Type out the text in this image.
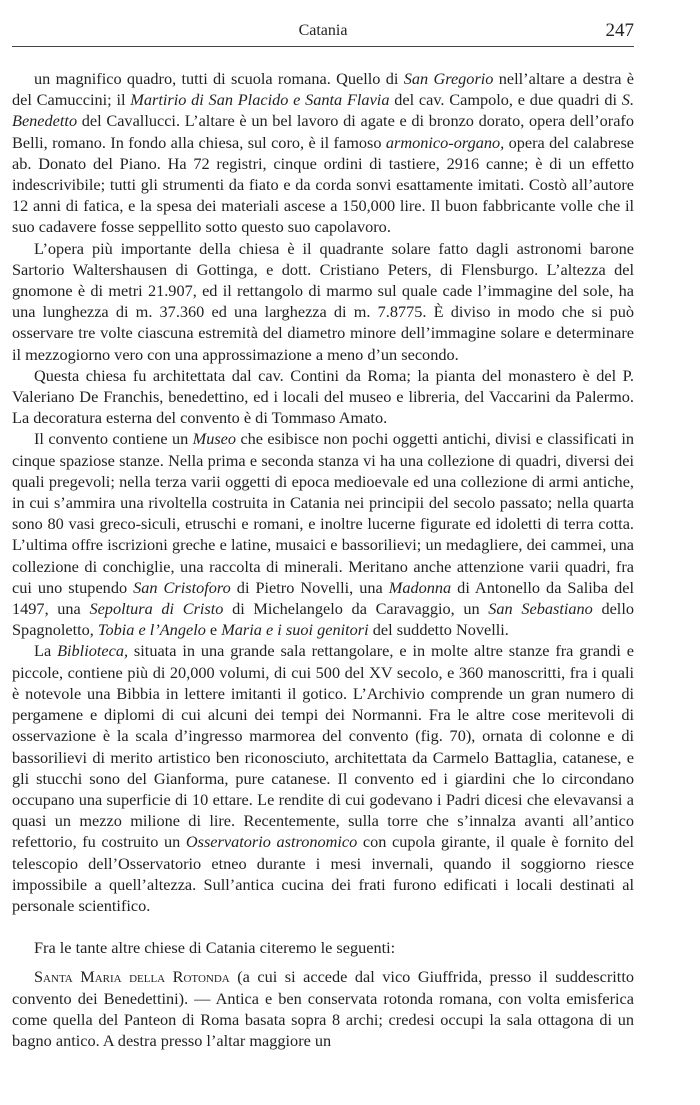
Catania	247

un magnifico quadro, tutti di scuola romana. Quello di San Gregorio nell’altare a destra è del Camuccini; il Martirio di San Placido e Santa Flavia del cav. Campolo, e due quadri di S. Benedetto del Cavallucci. L’altare è un bel lavoro di agate e di bronzo dorato, opera dell’orafo Belli, romano. In fondo alla chiesa, sul coro, è il famoso armonico-organo, opera del calabrese ab. Donato del Piano. Ha 72 registri, cinque ordini di tastiere, 2916 canne; è di un effetto indescrivibile; tutti gli strumenti da fiato e da corda sonvi esattamente imitati. Costò all’autore 12 anni di fatica, e la spesa dei materiali ascese a 150,000 lire. Il buon fabbricante volle che il suo cadavere fosse seppellito sotto questo suo capolavoro.

L’opera più importante della chiesa è il quadrante solare fatto dagli astronomi barone Sartorio Waltershausen di Gottinga, e dott. Cristiano Peters, di Flensburgo. L’altezza del gnomone è di metri 21.907, ed il rettangolo di marmo sul quale cade l’immagine del sole, ha una lunghezza di m. 37.360 ed una larghezza di m. 7.8775. È diviso in modo che si può osservare tre volte ciascuna estremità del diametro minore dell’immagine solare e determinare il mezzogiorno vero con una approssimazione a meno d’un secondo.

Questa chiesa fu architettata dal cav. Contini da Roma; la pianta del monastero è del P. Valeriano De Franchis, benedettino, ed i locali del museo e libreria, del Vaccarini da Palermo. La decoratura esterna del convento è di Tommaso Amato.

Il convento contiene un Museo che esibisce non pochi oggetti antichi, divisi e classificati in cinque spaziose stanze. Nella prima e seconda stanza vi ha una collezione di quadri, diversi dei quali pregevoli; nella terza varii oggetti di epoca medioevale ed una collezione di armi antiche, in cui s’ammira una rivoltella costruita in Catania nei principii del secolo passato; nella quarta sono 80 vasi greco-siculi, etruschi e romani, e inoltre lucerne figurate ed idoletti di terra cotta. L’ultima offre iscrizioni greche e latine, musaici e bassorilievi; un medagliere, dei cammei, una collezione di conchiglie, una raccolta di minerali. Meritano anche attenzione varii quadri, fra cui uno stupendo San Cristoforo di Pietro Novelli, una Madonna di Antonello da Saliba del 1497, una Sepoltura di Cristo di Michelangelo da Caravaggio, un San Sebastiano dello Spagnoletto, Tobia e l’Angelo e Maria e i suoi genitori del suddetto Novelli.

La Biblioteca, situata in una grande sala rettangolare, e in molte altre stanze fra grandi e piccole, contiene più di 20,000 volumi, di cui 500 del XV secolo, e 360 manoscritti, fra i quali è notevole una Bibbia in lettere imitanti il gotico. L’Archivio comprende un gran numero di pergamene e diplomi di cui alcuni dei tempi dei Normanni. Fra le altre cose meritevoli di osservazione è la scala d’ingresso marmorea del convento (fig. 70), ornata di colonne e di bassorilievi di merito artistico ben riconosciuto, architettata da Carmelo Battaglia, catanese, e gli stucchi sono del Gianforma, pure catanese. Il convento ed i giardini che lo circondano occupano una superficie di 10 ettare. Le rendite di cui godevano i Padri dicesi che elevavansi a quasi un mezzo milione di lire. Recentemente, sulla torre che s’innalza avanti all’antico refettorio, fu costruito un Osservatorio astronomico con cupola girante, il quale è fornito del telescopio dell’Osservatorio etneo durante i mesi invernali, quando il soggiorno riesce impossibile a quell’altezza. Sull’antica cucina dei frati furono edificati i locali destinati al personale scientifico.

Fra le tante altre chiese di Catania citeremo le seguenti:

Santa Maria della Rotonda (a cui si accede dal vico Giuffrida, presso il suddescritto convento dei Benedettini). — Antica e ben conservata rotonda romana, con volta emisferica come quella del Panteon di Roma basata sopra 8 archi; credesi occupi la sala ottagona di un bagno antico. A destra presso l’altar maggiore un
